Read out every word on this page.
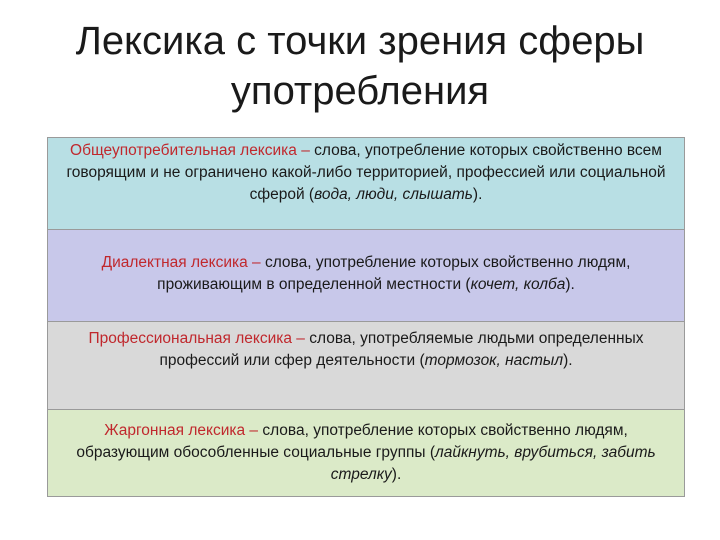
Лексика с точки зрения сферы
употребления
Общеупотребительная лексика – слова, употребление которых свойственно всем говорящим и не ограничено какой-либо территорией, профессией или социальной сферой (вода, люди, слышать).
Диалектная лексика – слова, употребление которых свойственно людям, проживающим в определенной местности (кочет, колба).
Профессиональная лексика – слова, употребляемые людьми определенных профессий или сфер деятельности (тормозок, настыл).
Жаргонная лексика – слова, употребление которых свойственно людям, образующим обособленные социальные группы (лайкнуть, врубиться, забить стрелку).
